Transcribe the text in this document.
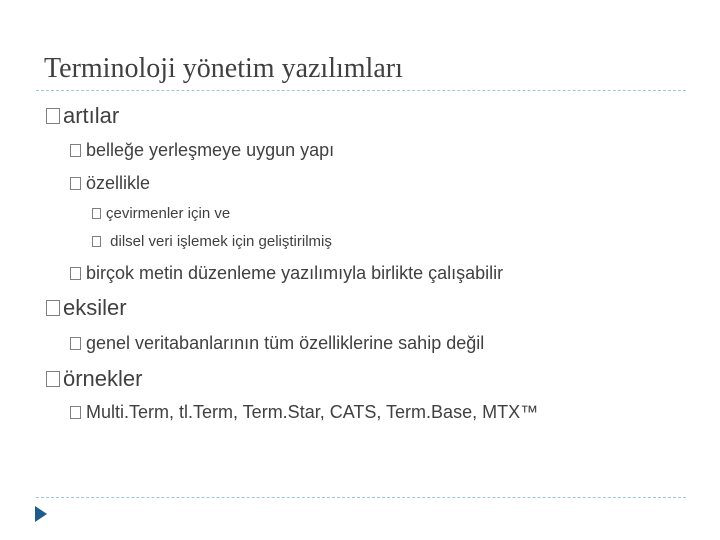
Terminoloji yönetim yazılımları
artılar
belleğe yerleşmeye uygun yapı
özellikle
çevirmenler için ve
dilsel veri işlemek için geliştirilmiş
birçok metin düzenleme yazılımıyla birlikte çalışabilir
eksiler
genel veritabanlarının tüm özelliklerine sahip değil
örnekler
Multi.Term, tl.Term, Term.Star, CATS, Term.Base, MTX™
